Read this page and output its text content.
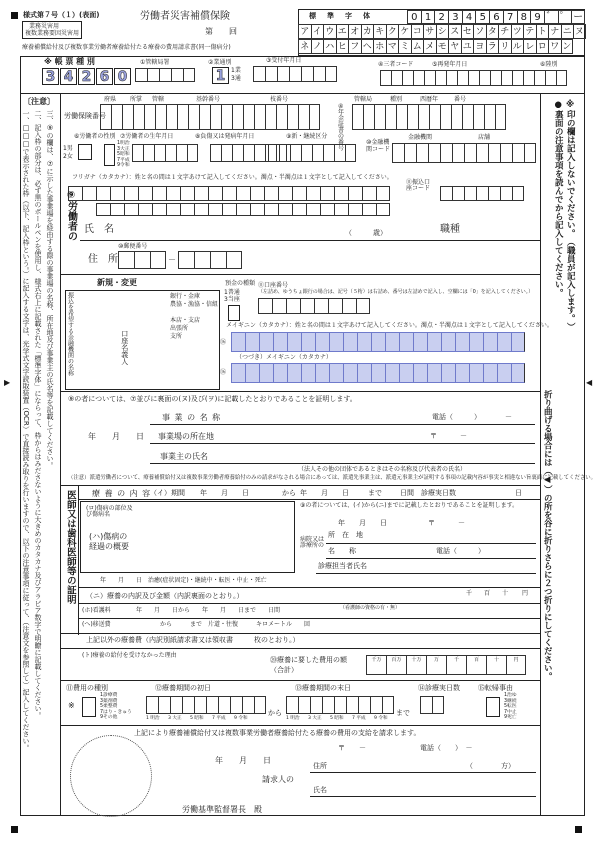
▶	◀
様式第７号（１）(表面)
業務災害用
複数業務要因災害用
労働者災害補償保険
第　　回
療養補償給付及び複数事業労働者療養給付たる療養の費用請求書(同一傷病分)
標　準　字　体	0 1 2 3 4 5 6 7 8 9 ゛ ゜ ー
ア イ ウ エ オ カ キ ク ケ コ サ シ ス セ ソ タ チ ツ テ ト ナ ニ ヌ
ネ ノ ハ ヒ フ ヘ ホ マ ミ ム メ モ ヤ ユ ヨ ラ リ ル レ ロ ワ ン
※ 帳 票 種 別
3 4 2 6 0
①管轄局署	②業通別
1 1業
3通
③受付年月日
④三者コード	⑤再発年月日	⑥陸別
〔注意〕
一、□□□で表示された枠（以下、記入枠という。）に記入する文字は、光学式文字読取装置（OCR）で直接読み取りを行いますので、以下の注意事項に従って、（注意文を参照して）記入してください。 二、記入枠の部分は、必ず黒のボールペンを使用し、様式右上に記載された「標準字体」にならって、枠からはみださないように大きめのカタカナ及びアラビア数字で明瞭に記載してください。 三、⑨の欄は、⑦に示した事業場を経由する際の事業場の名称、所在地及び事業主の氏名等を記載してください。	※印の欄は記入しないでください。（職員が記入します。）
●裏面の注意事項を読んでから記入してください。
折り曲げる場合には（◀）の所を谷に折りさらに２つ折りにしてください。
労働保険番号
府県 所掌 管轄	基幹番号	枝番号
④年金証書の番号
管轄局	種別	西暦年	番号
⑥労働者の性別
1男
2女
⑦労働者の生年月日
1明治
3大正
5昭和
7平成
9令和
⑧負傷又は発病年月日	⑨新・継続区分
⑩金融機関コード
金融機関	店舗
フリガナ（カタカナ）：姓と名の間は１文字あけて記入してください。濁点・半濁点は１文字として記入してください。
⑪振込口座コード
⑨労働者の 氏　名	（　　　歳）	職種
⑩郵便番号
住　所	－
新規・変更
振込を希望する金融機関の名称	銀行・金庫
農協・漁協・信組
本店・支店
出張所
支所
口座名義人
預金の種類
1普通
3当座
⑪口座番号
（左詰め、ゆうちょ銀行の場合は、記号（５桁）は右詰め、番号は左詰めで記入し、空欄には「0」を記入してください。）
メイギニン（カタカナ）：姓と名の間は１文字あけて記入してください。濁点・半濁点は１文字として記入してください。
⑯
（つづき）メイギニン（カタカナ）
⑯
⑨の者については、⑦並びに裏面の(ヌ)及び(ヲ)に記載したとおりであることを証明します。
事 業 の 名 称	電話（　　　）	－
年　　月　　日 事業場の所在地	〒	－
事業主の氏名
（法人その他の団体であるときはその名称及び代表者の氏名）
（注意）派遣労働者について、療養補償給付又は複数事業労働者療養給付のみの請求がなされる場合にあっては、派遣先事業主は、派遣元事業主が証明する事項の記載内容が事実と相違ない旨裏面に記載してください。
医師又は歯科医師等の証明 療 養 の 内 容
（イ）期間 年　　月　　日	から 年　　月　　日	まで	日間　診療実日数	日
⑨の者については、(イ)から(ニ)までに記載したとおりであることを証明します。
(ロ)傷病の部位及び傷病名
(ハ)傷病の経過の概要
年　　月　　日	〒	－
病院又は診療所の
所　在　地
名　　称	電話（　　　）
診療担当者氏名
年　　月　　日　治癒(症状固定)・継続中・転医・中止・死亡
（ニ）療養の内訳及び金額（内訳裏面のとおり。）	千 百 十 円
(ホ)看護料	年　　月　　日から　　年　　月　　日まで　　日間	（看護師の資格の有・無）
(へ)移送費	から　　　まで　片道・往復　　　キロメートル　　回
上記以外の療養費（内訳別紙請求書又は領収書　　　枚のとおり。）
(ト)療養の給付を受けなかった理由
⑳療養に要した費用の額（合計）
千万	百万	十万	万	千	百	十	円
⑪費用の種別
※
1診療費
3薬剤費
5柔整費
7はり・きゅう
9その他
⑫療養期間の初日
から
⑬療養期間の末日
まで
⑭診療実日数	⑮転帰事由
1治ゆ
3継続
5転医
7中止
9死亡
上記により療養補償給付又は複数事業労働者療養給付たる療養の費用の支給を請求します。
〒　　－	電話（　　）　－
年　　月　　日
住所	（　　　　方）
請求人の
氏名
労働基準監督署長　殿
1 明治 3 大正 5 昭和 7 平成 9 令和	1 明治 3 大正 5 昭和 7 平成 9 令和
